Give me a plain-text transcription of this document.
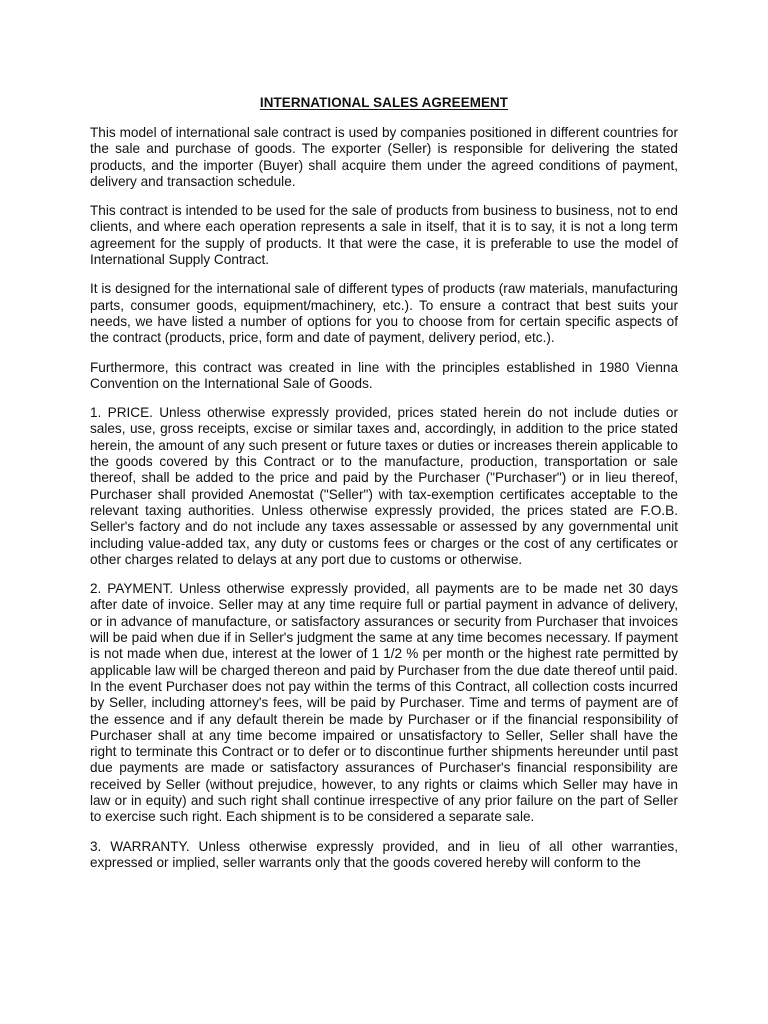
INTERNATIONAL SALES AGREEMENT

This model of international sale contract is used by companies positioned in different countries for the sale and purchase of goods. The exporter (Seller) is responsible for delivering the stated products, and the importer (Buyer) shall acquire them under the agreed conditions of payment, delivery and transaction schedule.

This contract is intended to be used for the sale of products from business to business, not to end clients, and where each operation represents a sale in itself, that it is to say, it is not a long term agreement for the supply of products. It that were the case, it is preferable to use the model of International Supply Contract.

It is designed for the international sale of different types of products (raw materials, manufacturing parts, consumer goods, equipment/machinery, etc.). To ensure a contract that best suits your needs, we have listed a number of options for you to choose from for certain specific aspects of the contract (products, price, form and date of payment, delivery period, etc.).

Furthermore, this contract was created in line with the principles established in 1980 Vienna Convention on the International Sale of Goods.

1. PRICE. Unless otherwise expressly provided, prices stated herein do not include duties or sales, use, gross receipts, excise or similar taxes and, accordingly, in addition to the price stated herein, the amount of any such present or future taxes or duties or increases therein applicable to the goods covered by this Contract or to the manufacture, production, transportation or sale thereof, shall be added to the price and paid by the Purchaser ("Purchaser") or in lieu thereof, Purchaser shall provided Anemostat ("Seller") with tax-exemption certificates acceptable to the relevant taxing authorities. Unless otherwise expressly provided, the prices stated are F.O.B. Seller's factory and do not include any taxes assessable or assessed by any governmental unit including value-added tax, any duty or customs fees or charges or the cost of any certificates or other charges related to delays at any port due to customs or otherwise.

2. PAYMENT. Unless otherwise expressly provided, all payments are to be made net 30 days after date of invoice. Seller may at any time require full or partial payment in advance of delivery, or in advance of manufacture, or satisfactory assurances or security from Purchaser that invoices will be paid when due if in Seller's judgment the same at any time becomes necessary. If payment is not made when due, interest at the lower of 1 1/2 % per month or the highest rate permitted by applicable law will be charged thereon and paid by Purchaser from the due date thereof until paid. In the event Purchaser does not pay within the terms of this Contract, all collection costs incurred by Seller, including attorney's fees, will be paid by Purchaser. Time and terms of payment are of the essence and if any default therein be made by Purchaser or if the financial responsibility of Purchaser shall at any time become impaired or unsatisfactory to Seller, Seller shall have the right to terminate this Contract or to defer or to discontinue further shipments hereunder until past due payments are made or satisfactory assurances of Purchaser's financial responsibility are received by Seller (without prejudice, however, to any rights or claims which Seller may have in law or in equity) and such right shall continue irrespective of any prior failure on the part of Seller to exercise such right. Each shipment is to be considered a separate sale.

3. WARRANTY. Unless otherwise expressly provided, and in lieu of all other warranties, expressed or implied, seller warrants only that the goods covered hereby will conform to the
